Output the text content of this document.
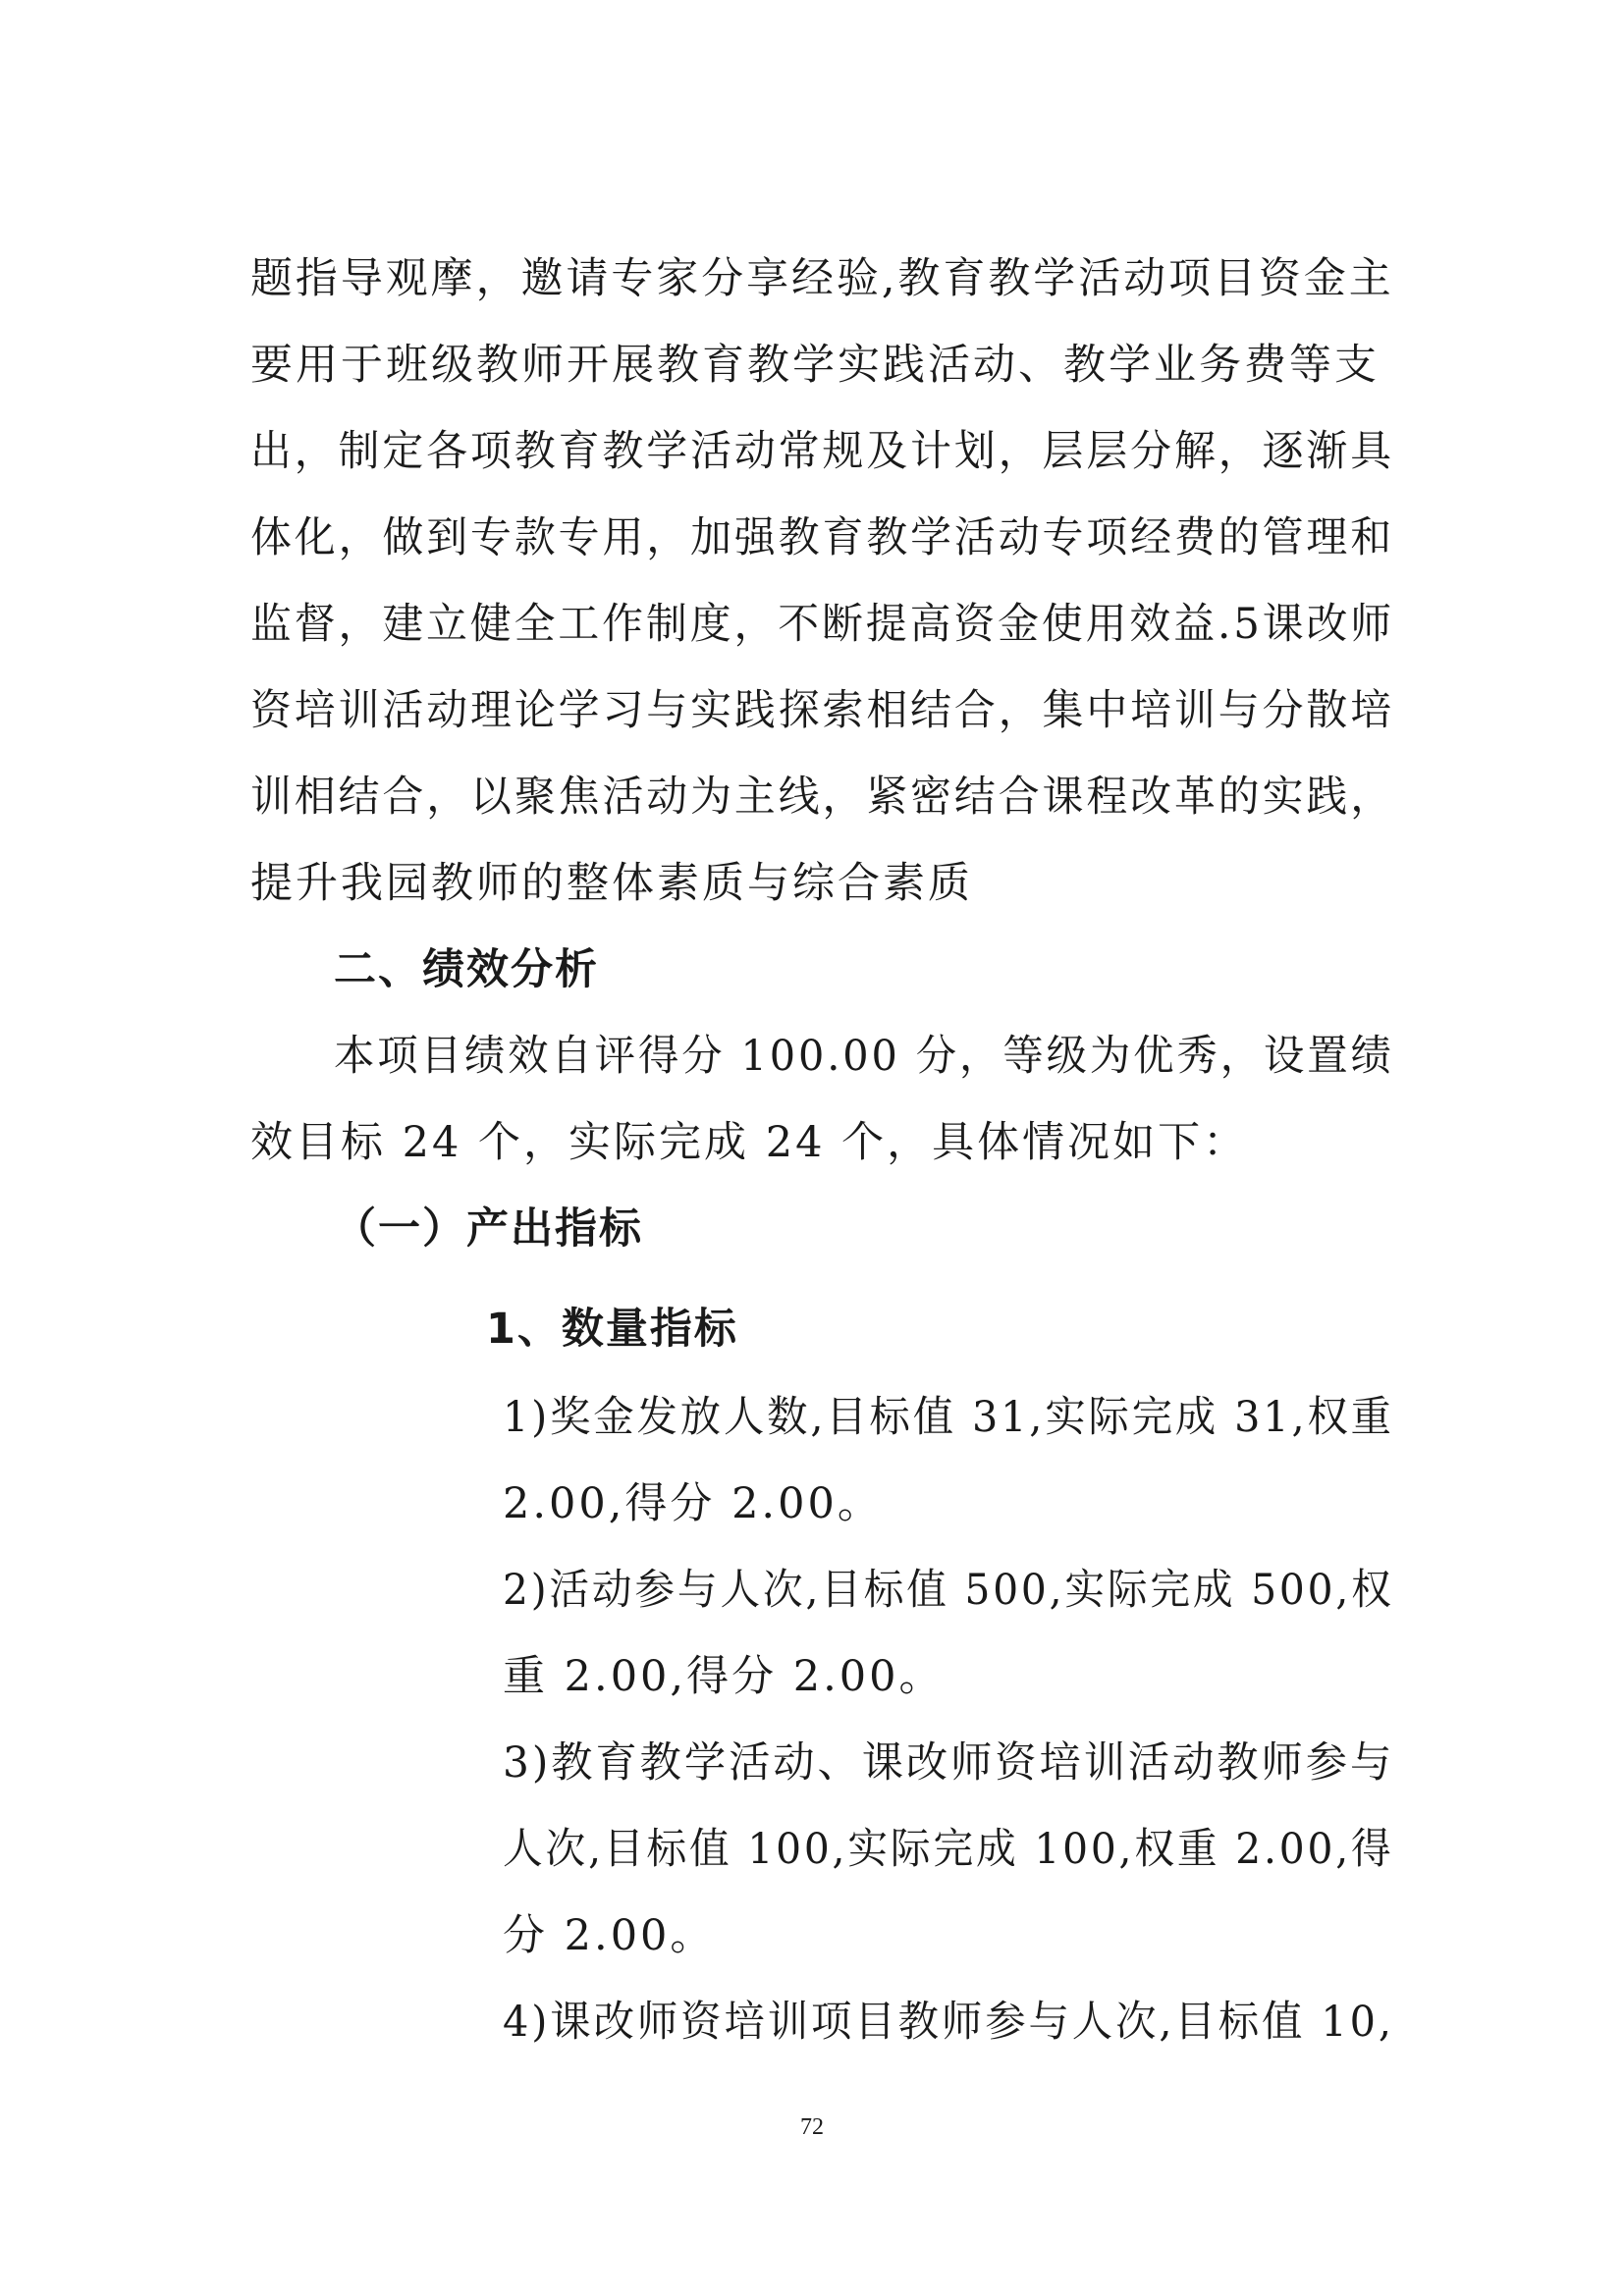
题指导观摩，邀请专家分享经验,教育教学活动项目资金主
要用于班级教师开展教育教学实践活动、教学业务费等支
出，制定各项教育教学活动常规及计划，层层分解，逐渐具
体化，做到专款专用，加强教育教学活动专项经费的管理和
监督，建立健全工作制度，不断提高资金使用效益.5课改师
资培训活动理论学习与实践探索相结合，集中培训与分散培
训相结合，以聚焦活动为主线，紧密结合课程改革的实践，
提升我园教师的整体素质与综合素质
二、绩效分析
本项目绩效自评得分 100.00 分，等级为优秀，设置绩
效目标 24 个，实际完成 24 个，具体情况如下：
（一）产出指标
1、数量指标
1)奖金发放人数,目标值 31,实际完成 31,权重
2.00,得分 2.00。
2)活动参与人次,目标值 500,实际完成 500,权
重 2.00,得分 2.00。
3)教育教学活动、课改师资培训活动教师参与
人次,目标值 100,实际完成 100,权重 2.00,得
分 2.00。
4)课改师资培训项目教师参与人次,目标值 10,
72
